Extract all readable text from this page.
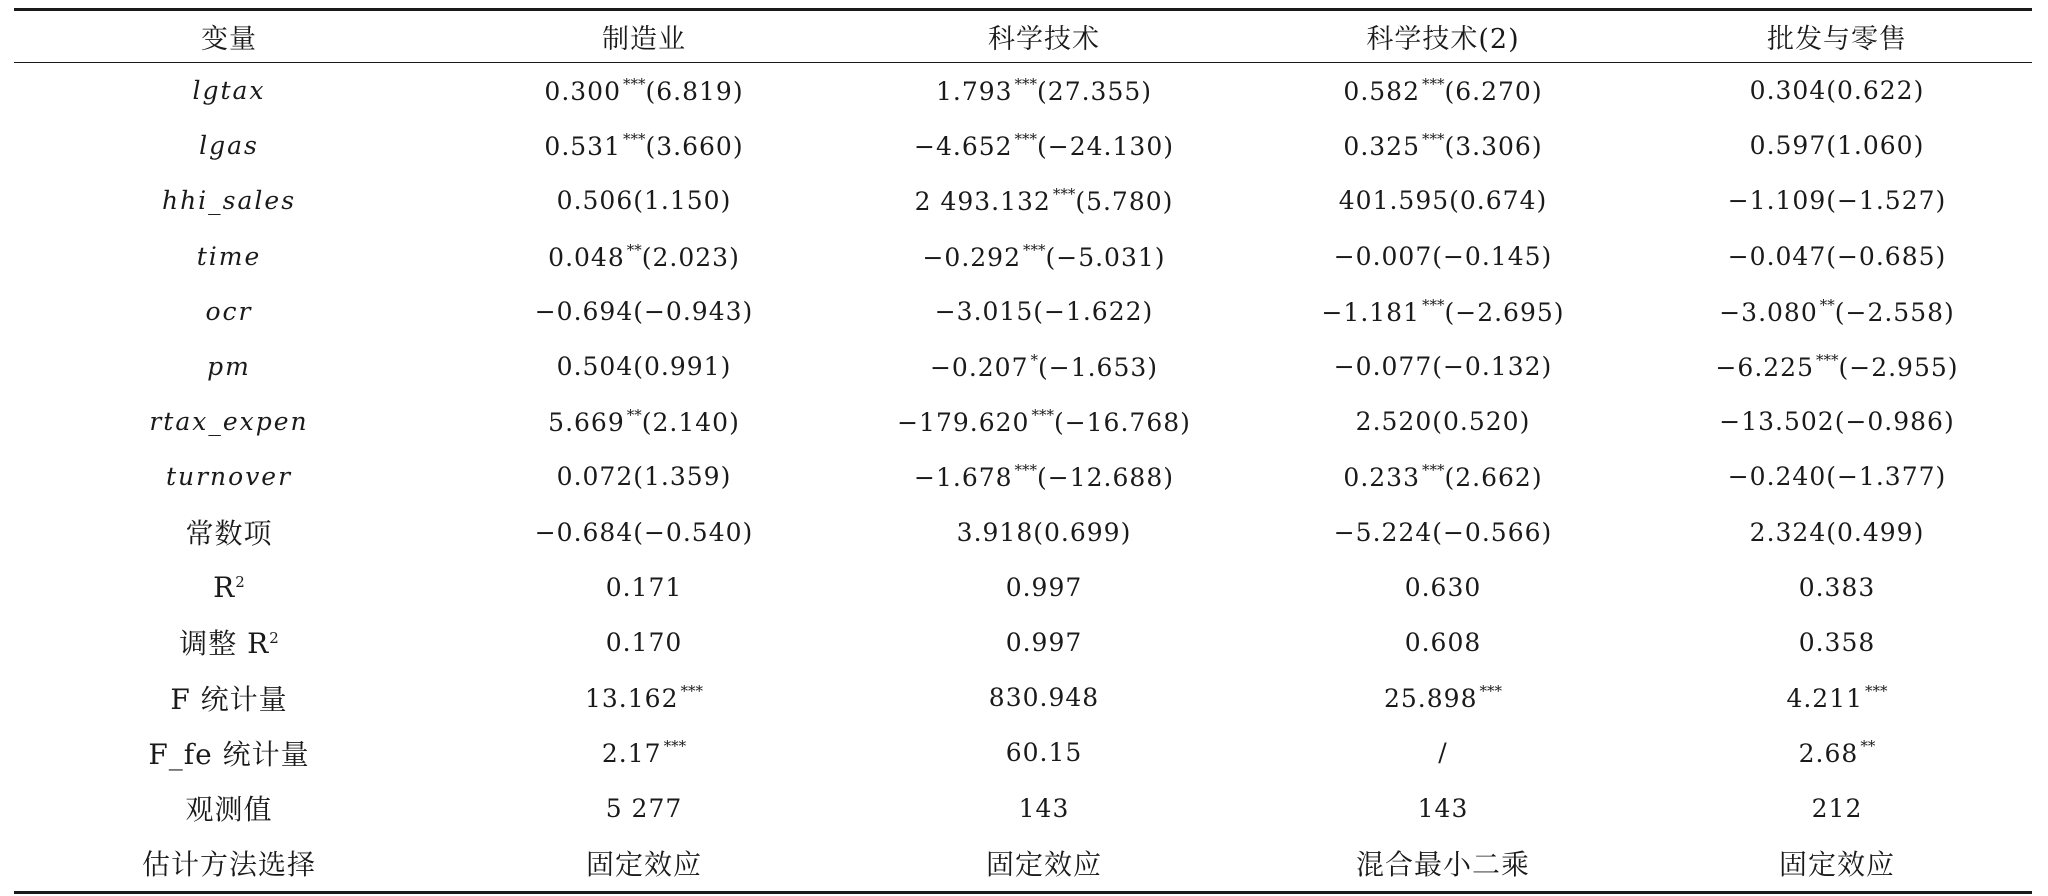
变量	制造业	科学技术	科学技术(2)	批发与零售
lgtax	0.300 ***(6.819)	1.793 ***(27.355)	0.582 ***(6.270)	0.304(0.622)
lgas	0.531 ***(3.660)	−4.652 ***(−24.130)	0.325 ***(3.306)	0.597(1.060)
hhi_sales	0.506(1.150)	2 493.132 ***(5.780)	401.595(0.674)	−1.109(−1.527)
time	0.048 **(2.023)	−0.292 ***(−5.031)	−0.007(−0.145)	−0.047(−0.685)
ocr	−0.694(−0.943)	−3.015(−1.622)	−1.181 ***(−2.695)	−3.080 **(−2.558)
pm	0.504(0.991)	−0.207 *(−1.653)	−0.077(−0.132)	−6.225 ***(−2.955)
rtax_expen	5.669 **(2.140)	−179.620 ***(−16.768)	2.520(0.520)	−13.502(−0.986)
turnover	0.072(1.359)	−1.678 ***(−12.688)	0.233 ***(2.662)	−0.240(−1.377)
常数项	−0.684(−0.540)	3.918(0.699)	−5.224(−0.566)	2.324(0.499)
$R^2$	0.171	0.997	0.630	0.383
调整 $R^2$	0.170	0.997	0.608	0.358
F 统计量	13.162 ***	830.948	25.898 ***	4.211 ***
F_fe 统计量	2.17 ***	60.15	/	2.68 **
观测值	5 277	143	143	212
估计方法选择	固定效应	固定效应	混合最小二乘	固定效应
